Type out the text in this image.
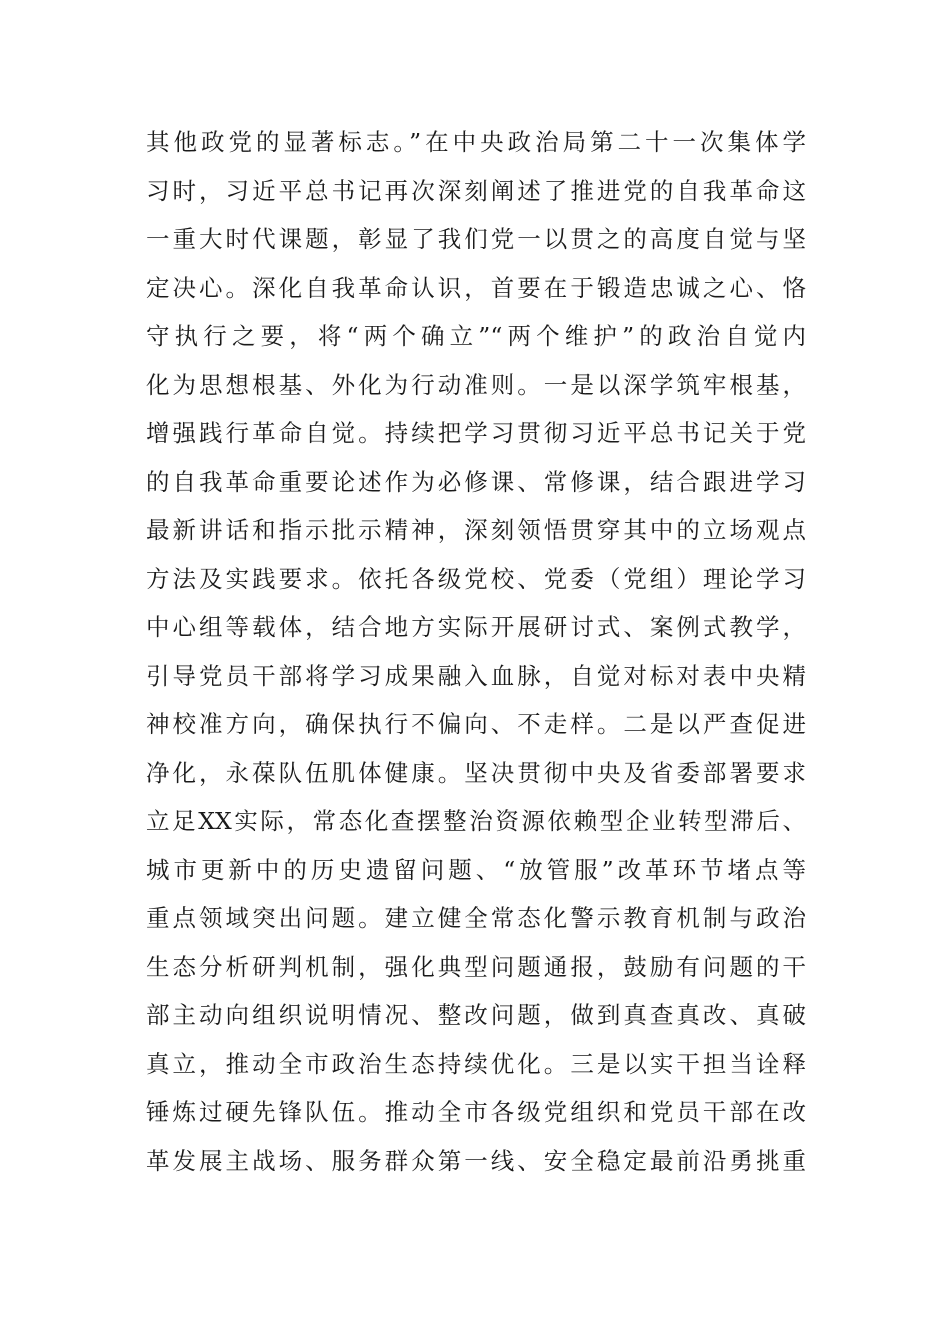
其他政党的显著标志。”在中央政治局第二十一次集体学
习时，习近平总书记再次深刻阐述了推进党的自我革命这
一重大时代课题，彰显了我们党一以贯之的高度自觉与坚
定决心。深化自我革命认识，首要在于锻造忠诚之心、恪
守执行之要，将“两个确立”“两个维护”的政治自觉内
化为思想根基、外化为行动准则。一是以深学筑牢根基，
增强践行革命自觉。持续把学习贯彻习近平总书记关于党
的自我革命重要论述作为必修课、常修课，结合跟进学习
最新讲话和指示批示精神，深刻领悟贯穿其中的立场观点
方法及实践要求。依托各级党校、党委（党组）理论学习
中心组等载体，结合地方实际开展研讨式、案例式教学，
引导党员干部将学习成果融入血脉，自觉对标对表中央精
神校准方向，确保执行不偏向、不走样。二是以严查促进
净化，永葆队伍肌体健康。坚决贯彻中央及省委部署要求
立足XX实际，常态化查摆整治资源依赖型企业转型滞后、
城市更新中的历史遗留问题、“放管服”改革环节堵点等
重点领域突出问题。建立健全常态化警示教育机制与政治
生态分析研判机制，强化典型问题通报，鼓励有问题的干
部主动向组织说明情况、整改问题，做到真查真改、真破
真立，推动全市政治生态持续优化。三是以实干担当诠释
锤炼过硬先锋队伍。推动全市各级党组织和党员干部在改
革发展主战场、服务群众第一线、安全稳定最前沿勇挑重
